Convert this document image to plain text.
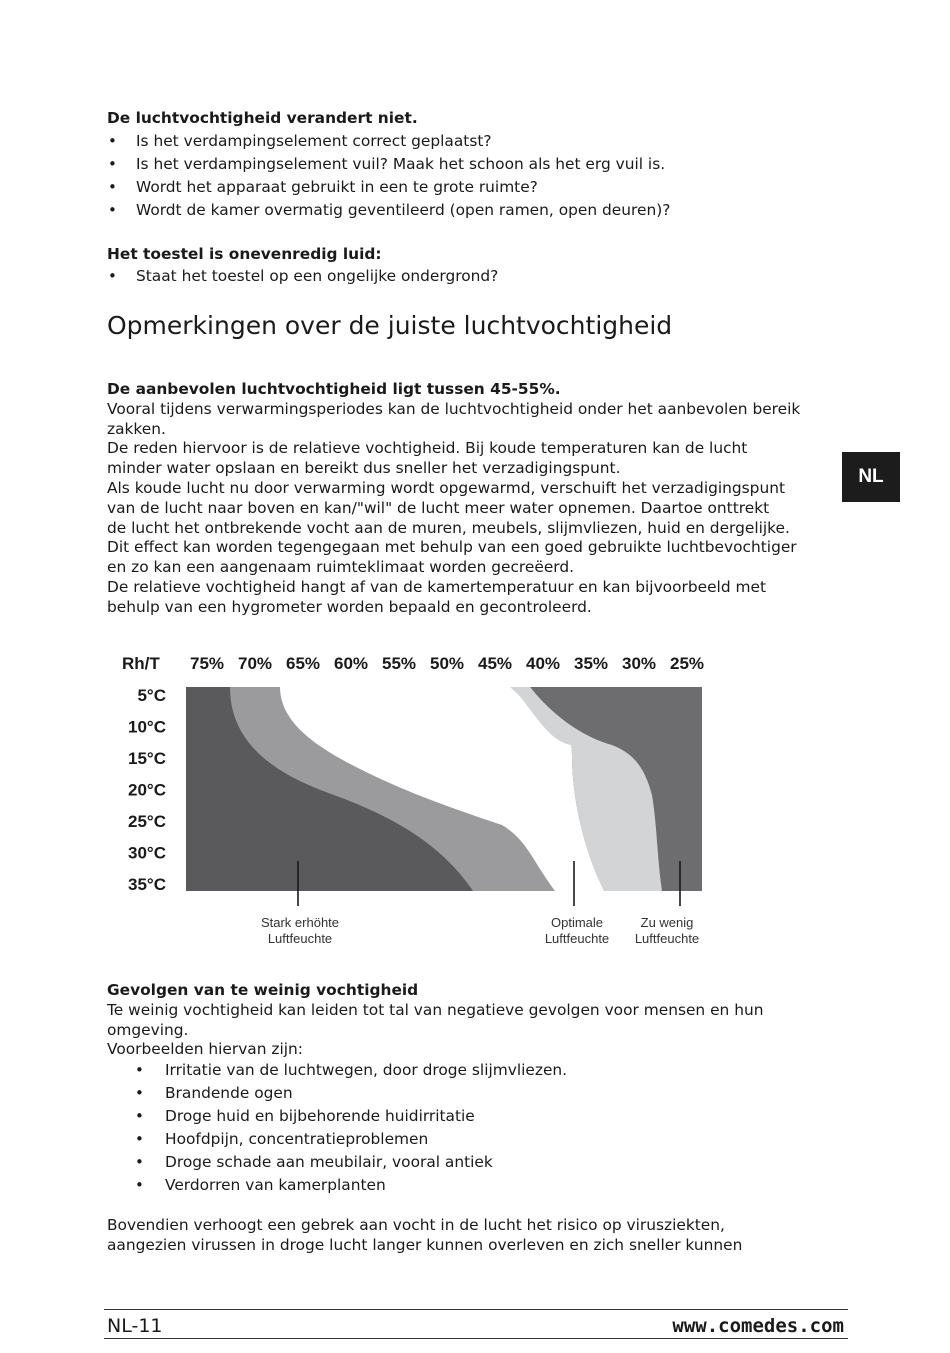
De luchtvochtigheid verandert niet.
• Is het verdampingselement correct geplaatst?
• Is het verdampingselement vuil? Maak het schoon als het erg vuil is.
• Wordt het apparaat gebruikt in een te grote ruimte?
• Wordt de kamer overmatig geventileerd (open ramen, open deuren)?
Het toestel is onevenredig luid:
• Staat het toestel op een ongelijke ondergrond?
Opmerkingen over de juiste luchtvochtigheid
De aanbevolen luchtvochtigheid ligt tussen 45-55%.
Vooral tijdens verwarmingsperiodes kan de luchtvochtigheid onder het aanbevolen bereik
zakken.
De reden hiervoor is de relatieve vochtigheid. Bij koude temperaturen kan de lucht
minder water opslaan en bereikt dus sneller het verzadigingspunt.
Als koude lucht nu door verwarming wordt opgewarmd, verschuift het verzadigingspunt
van de lucht naar boven en kan/"wil" de lucht meer water opnemen. Daartoe onttrekt
de lucht het ontbrekende vocht aan de muren, meubels, slijmvliezen, huid en dergelijke.
Dit effect kan worden tegengegaan met behulp van een goed gebruikte luchtbevochtiger
en zo kan een aangenaam ruimteklimaat worden gecreëerd.
De relatieve vochtigheid hangt af van de kamertemperatuur en kan bijvoorbeeld met
behulp van een hygrometer worden bepaald en gecontroleerd.
NL
Rh/T 75% 70% 65% 60% 55% 50% 45% 40% 35% 30% 25%
5°C
10°C
15°C
20°C
25°C
30°C
35°C
Stark erhöhte
Luftfeuchte
Optimale
Luftfeuchte
Zu wenig
Luftfeuchte
Gevolgen van te weinig vochtigheid
Te weinig vochtigheid kan leiden tot tal van negatieve gevolgen voor mensen en hun
omgeving.
Voorbeelden hiervan zijn:
• Irritatie van de luchtwegen, door droge slijmvliezen.
• Brandende ogen
• Droge huid en bijbehorende huidirritatie
• Hoofdpijn, concentratieproblemen
• Droge schade aan meubilair, vooral antiek
• Verdorren van kamerplanten
Bovendien verhoogt een gebrek aan vocht in de lucht het risico op virusziekten,
aangezien virussen in droge lucht langer kunnen overleven en zich sneller kunnen
NL-11	www.comedes.com
